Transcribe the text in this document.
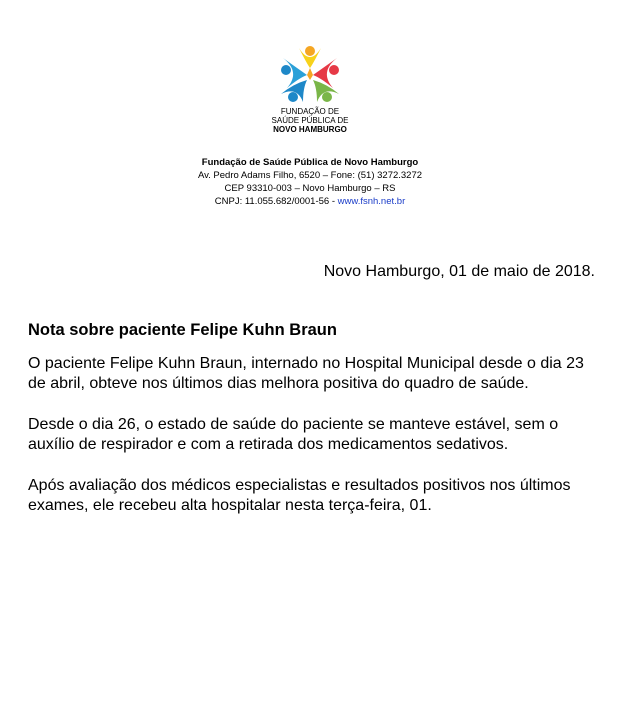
FUNDAÇÃO DE
SAÚDE PÚBLICA DE
NOVO HAMBURGO
Fundação de Saúde Pública de Novo Hamburgo
Av. Pedro Adams Filho, 6520 – Fone: (51) 3272.3272
CEP 93310-003 – Novo Hamburgo – RS
CNPJ: 11.055.682/0001-56 - www.fsnh.net.br
Novo Hamburgo, 01 de maio de 2018.
Nota sobre paciente Felipe Kuhn Braun

O paciente Felipe Kuhn Braun, internado no Hospital Municipal desde o dia 23 de abril, obteve nos últimos dias melhora positiva do quadro de saúde.

Desde o dia 26, o estado de saúde do paciente se manteve estável, sem o auxílio de respirador e com a retirada dos medicamentos sedativos.

Após avaliação dos médicos especialistas e resultados positivos nos últimos exames, ele recebeu alta hospitalar nesta terça-feira, 01.
